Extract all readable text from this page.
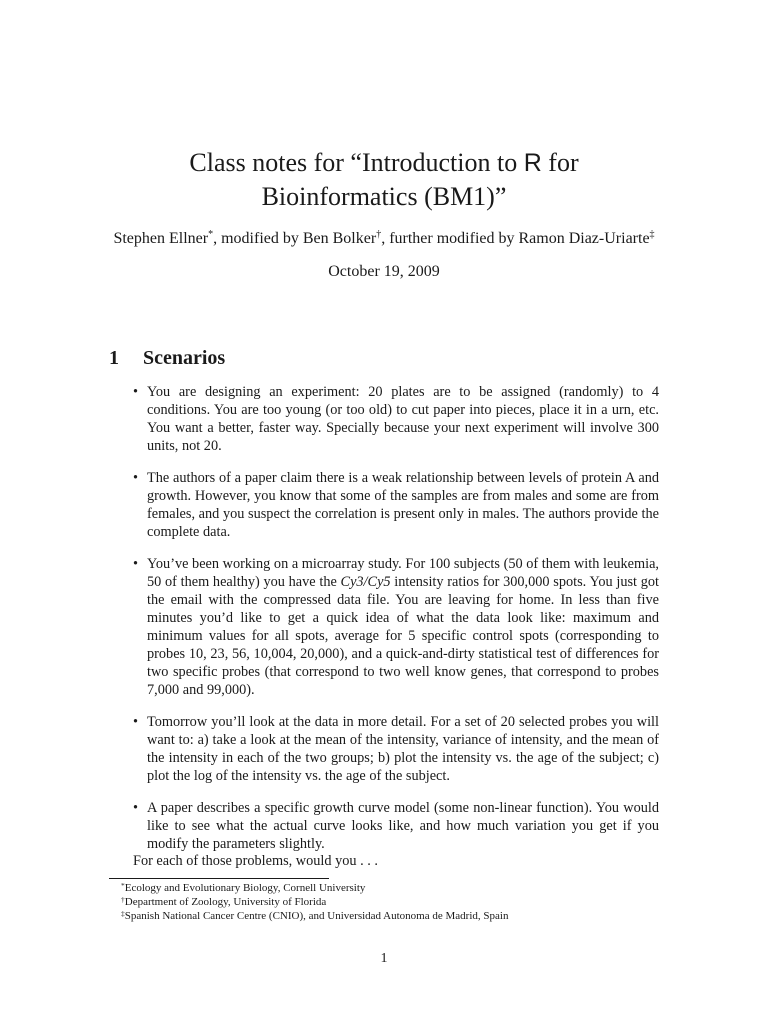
Class notes for “Introduction to R for
Bioinformatics (BM1)”
Stephen Ellner*, modified by Ben Bolker†, further modified by Ramon Diaz-Uriarte‡
October 19, 2009
1 Scenarios
• You are designing an experiment: 20 plates are to be assigned (randomly) to 4 conditions. You are too young (or too old) to cut paper into pieces, place it in a urn, etc. You want a better, faster way. Specially because your next experiment will involve 300 units, not 20.
• The authors of a paper claim there is a weak relationship between levels of protein A and growth. However, you know that some of the samples are from males and some are from females, and you suspect the correlation is present only in males. The authors provide the complete data.
• You’ve been working on a microarray study. For 100 subjects (50 of them with leukemia, 50 of them healthy) you have the Cy3/Cy5 intensity ratios for 300,000 spots. You just got the email with the compressed data file. You are leaving for home. In less than five minutes you’d like to get a quick idea of what the data look like: maximum and minimum values for all spots, average for 5 specific control spots (corresponding to probes 10, 23, 56, 10,004, 20,000), and a quick-and-dirty statistical test of differences for two specific probes (that correspond to two well know genes, that correspond to probes 7,000 and 99,000).
• Tomorrow you’ll look at the data in more detail. For a set of 20 selected probes you will want to: a) take a look at the mean of the intensity, variance of intensity, and the mean of the intensity in each of the two groups; b) plot the intensity vs. the age of the subject; c) plot the log of the intensity vs. the age of the subject.
• A paper describes a specific growth curve model (some non-linear function). You would like to see what the actual curve looks like, and how much variation you get if you modify the parameters slightly.
For each of those problems, would you . . .
*Ecology and Evolutionary Biology, Cornell University
†Department of Zoology, University of Florida
‡Spanish National Cancer Centre (CNIO), and Universidad Autonoma de Madrid, Spain
1
